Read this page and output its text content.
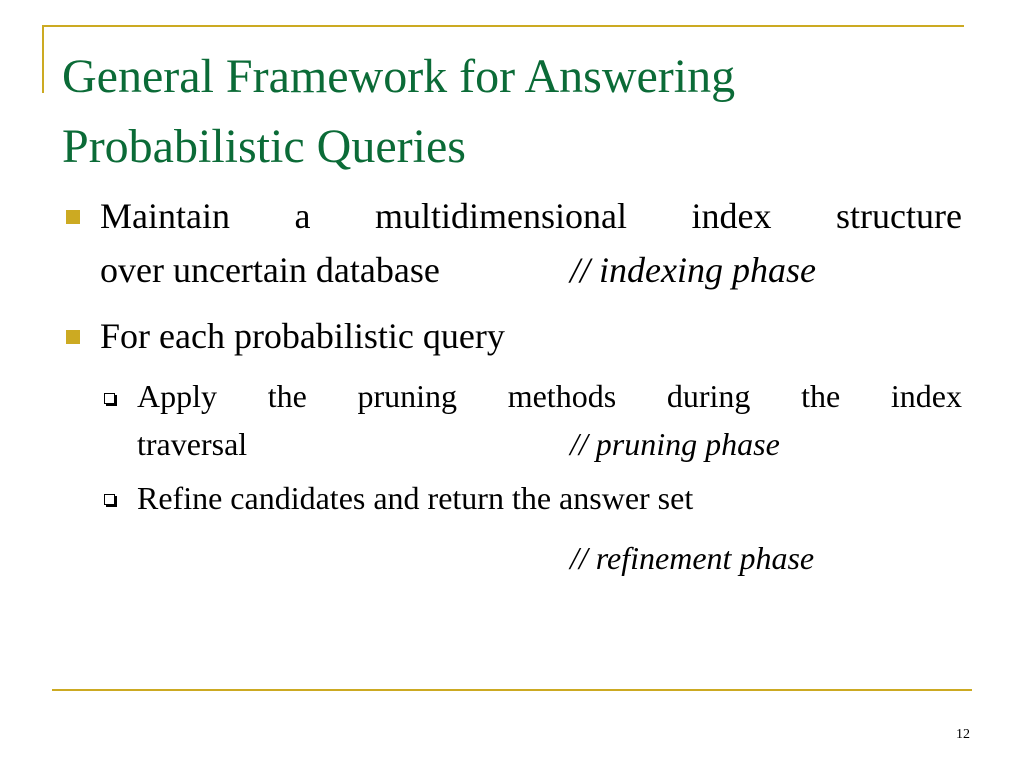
General Framework for Answering
Probabilistic Queries
Maintain a multidimensional index structure
over uncertain database	// indexing phase
For each probabilistic query
Apply the pruning methods during the index
traversal	// pruning phase
Refine candidates and return the answer set
// refinement phase
12
